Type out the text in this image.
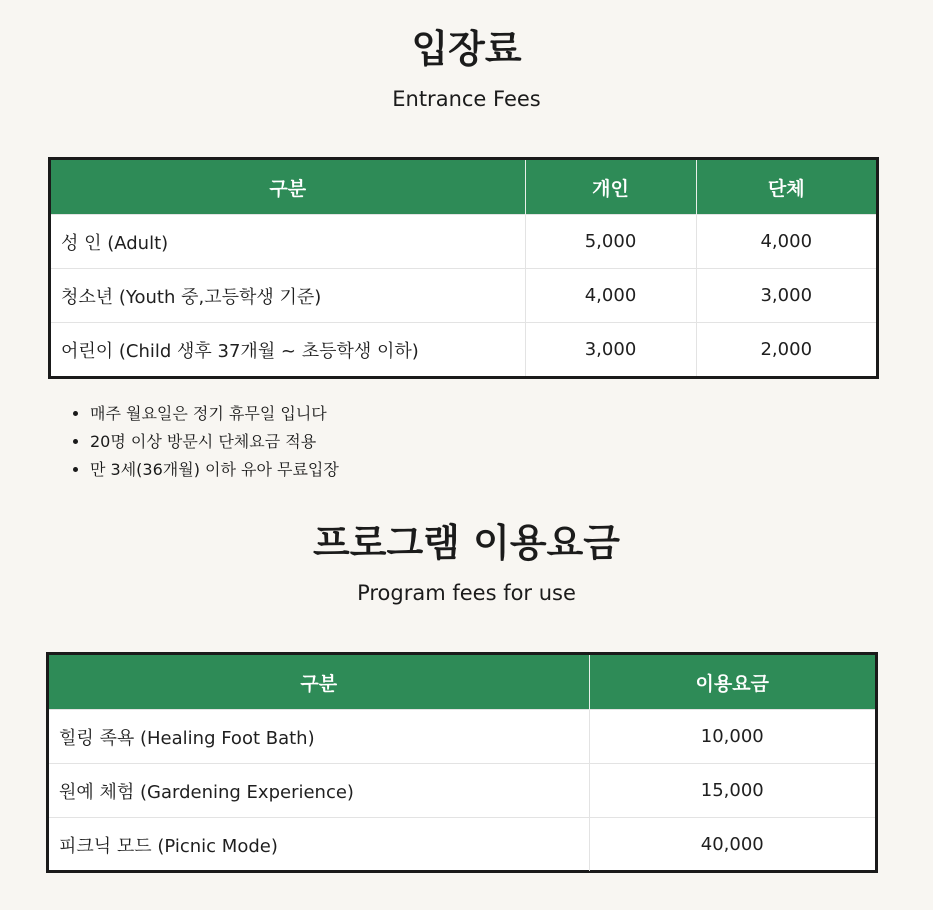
입장료
Entrance Fees
구분	개인	단체
성 인 (Adult)	5,000	4,000
청소년 (Youth 중,고등학생 기준)	4,000	3,000
어린이 (Child 생후 37개월 ~ 초등학생 이하)	3,000	2,000
• 매주 월요일은 정기 휴무일 입니다
• 20명 이상 방문시 단체요금 적용
• 만 3세(36개월) 이하 유아 무료입장
프로그램 이용요금
Program fees for use
구분	이용요금
힐링 족욕 (Healing Foot Bath)	10,000
원예 체험 (Gardening Experience)	15,000
피크닉 모드 (Picnic Mode)	40,000
